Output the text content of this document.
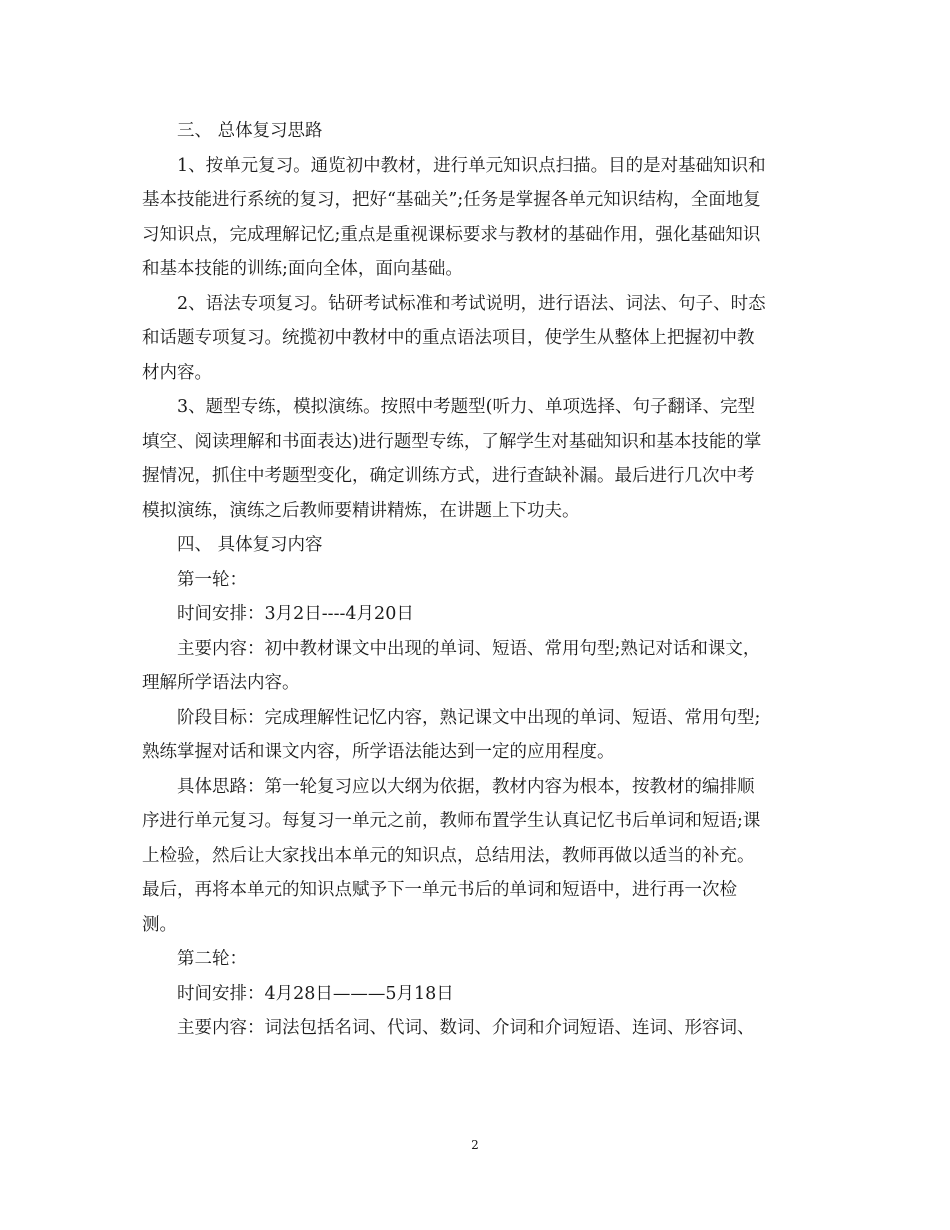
三、 总体复习思路
1、按单元复习。通览初中教材，进行单元知识点扫描。目的是对基础知识和
基本技能进行系统的复习，把好“基础关”;任务是掌握各单元知识结构，全面地复
习知识点，完成理解记忆;重点是重视课标要求与教材的基础作用，强化基础知识
和基本技能的训练;面向全体，面向基础。
2、语法专项复习。钻研考试标准和考试说明，进行语法、词法、句子、时态
和话题专项复习。统揽初中教材中的重点语法项目，使学生从整体上把握初中教
材内容。
3、题型专练，模拟演练。按照中考题型(听力、单项选择、句子翻译、完型
填空、阅读理解和书面表达)进行题型专练，了解学生对基础知识和基本技能的掌
握情况，抓住中考题型变化，确定训练方式，进行查缺补漏。最后进行几次中考
模拟演练，演练之后教师要精讲精炼，在讲题上下功夫。
四、 具体复习内容
第一轮：
时间安排：3月2日----4月20日
主要内容：初中教材课文中出现的单词、短语、常用句型;熟记对话和课文，
理解所学语法内容。
阶段目标：完成理解性记忆内容，熟记课文中出现的单词、短语、常用句型;
熟练掌握对话和课文内容，所学语法能达到一定的应用程度。
具体思路：第一轮复习应以大纲为依据，教材内容为根本，按教材的编排顺
序进行单元复习。每复习一单元之前，教师布置学生认真记忆书后单词和短语;课
上检验，然后让大家找出本单元的知识点，总结用法，教师再做以适当的补充。
最后，再将本单元的知识点赋予下一单元书后的单词和短语中，进行再一次检
测。
第二轮：
时间安排：4月28日———5月18日
主要内容：词法包括名词、代词、数词、介词和介词短语、连词、形容词、
2
